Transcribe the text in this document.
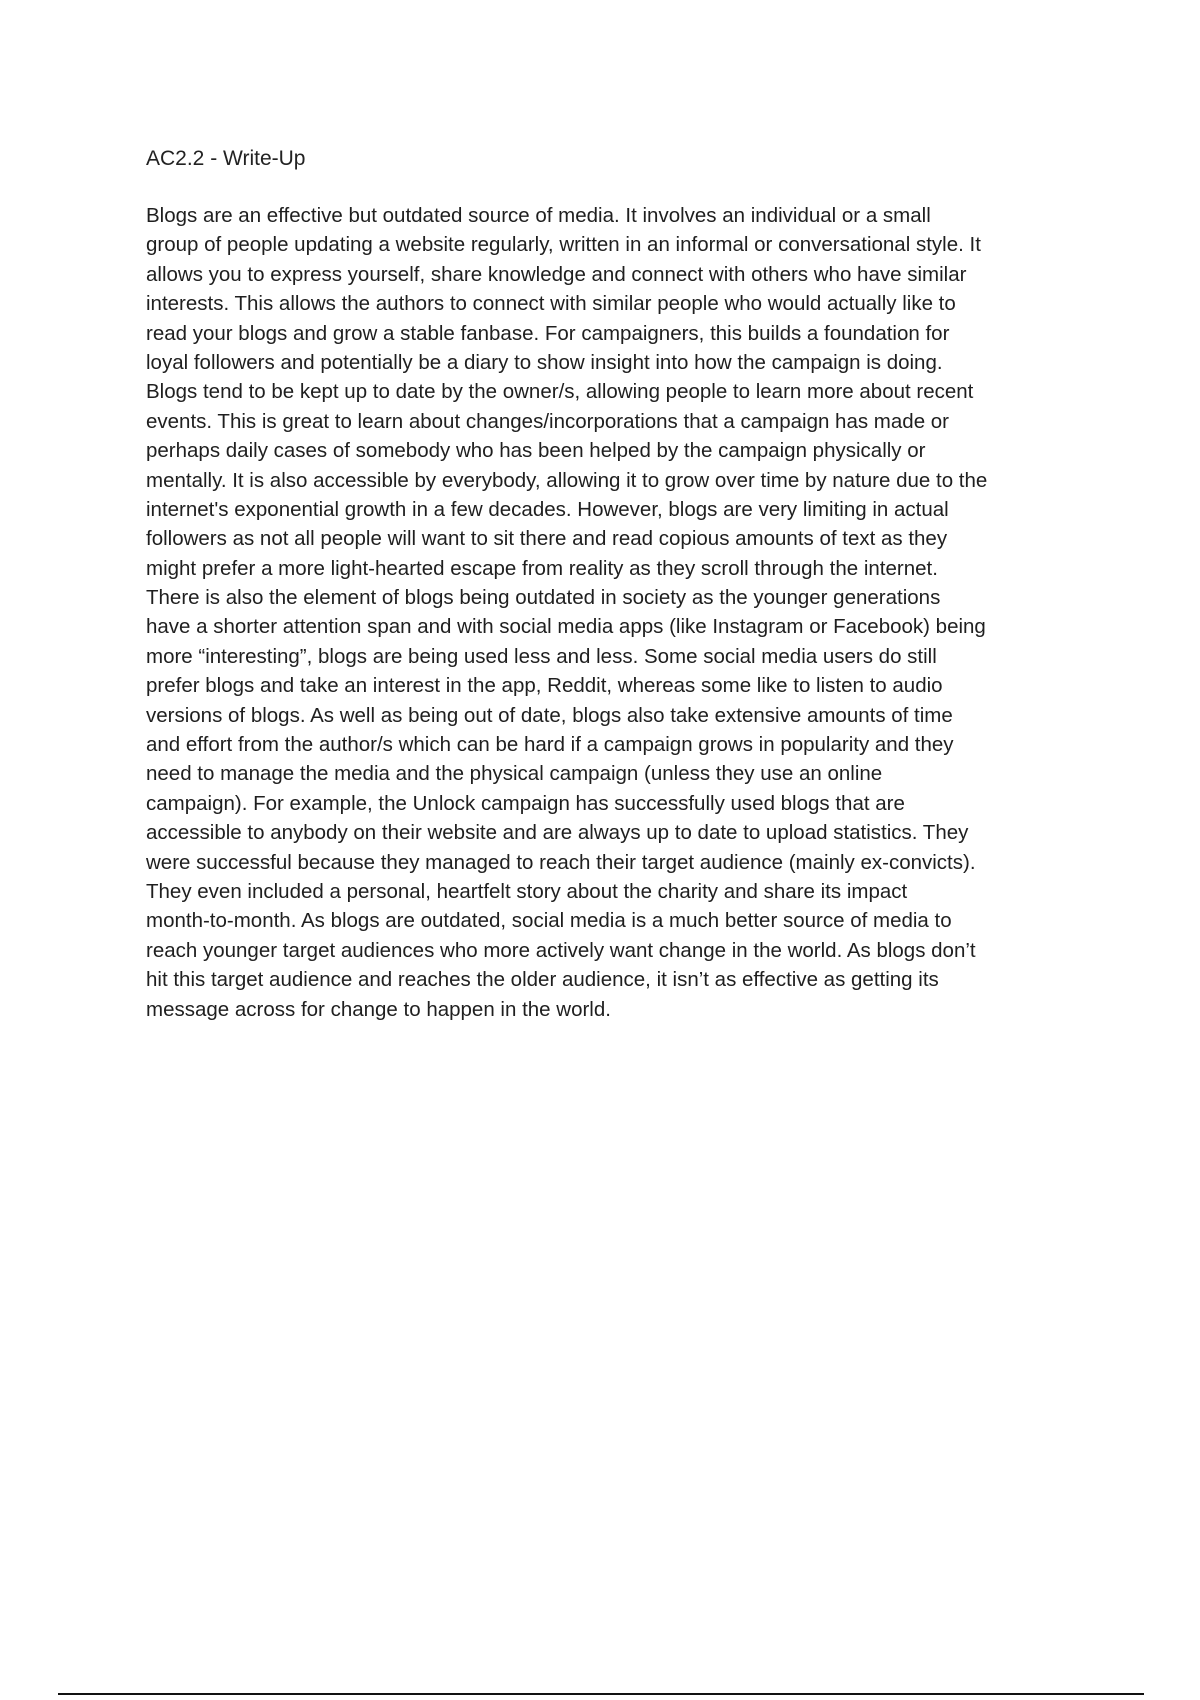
AC2.2 - Write-Up
Blogs are an effective but outdated source of media. It involves an individual or a small
group of people updating a website regularly, written in an informal or conversational style. It
allows you to express yourself, share knowledge and connect with others who have similar
interests. This allows the authors to connect with similar people who would actually like to
read your blogs and grow a stable fanbase. For campaigners, this builds a foundation for
loyal followers and potentially be a diary to show insight into how the campaign is doing.
Blogs tend to be kept up to date by the owner/s, allowing people to learn more about recent
events. This is great to learn about changes/incorporations that a campaign has made or
perhaps daily cases of somebody who has been helped by the campaign physically or
mentally. It is also accessible by everybody, allowing it to grow over time by nature due to the
internet's exponential growth in a few decades. However, blogs are very limiting in actual
followers as not all people will want to sit there and read copious amounts of text as they
might prefer a more light-hearted escape from reality as they scroll through the internet.
There is also the element of blogs being outdated in society as the younger generations
have a shorter attention span and with social media apps (like Instagram or Facebook) being
more “interesting”, blogs are being used less and less. Some social media users do still
prefer blogs and take an interest in the app, Reddit, whereas some like to listen to audio
versions of blogs. As well as being out of date, blogs also take extensive amounts of time
and effort from the author/s which can be hard if a campaign grows in popularity and they
need to manage the media and the physical campaign (unless they use an online
campaign). For example, the Unlock campaign has successfully used blogs that are
accessible to anybody on their website and are always up to date to upload statistics. They
were successful because they managed to reach their target audience (mainly ex-convicts).
They even included a personal, heartfelt story about the charity and share its impact
month-to-month. As blogs are outdated, social media is a much better source of media to
reach younger target audiences who more actively want change in the world. As blogs don’t
hit this target audience and reaches the older audience, it isn’t as effective as getting its
message across for change to happen in the world.
